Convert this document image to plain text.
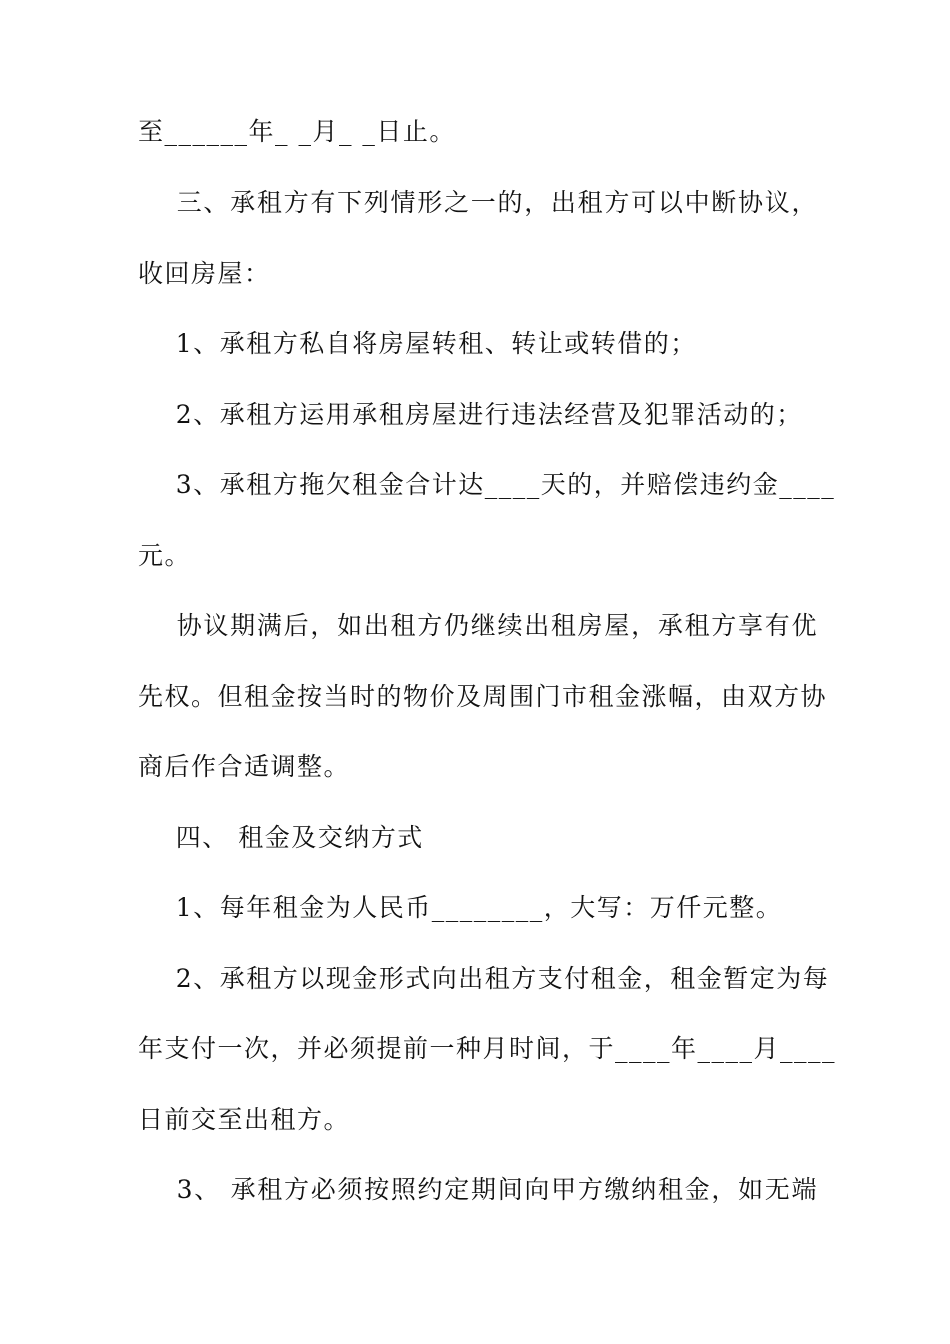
至______年_ _月_ _日止。
三、承租方有下列情形之一的，出租方可以中断协议，
收回房屋：
1、承租方私自将房屋转租、转让或转借的；
2、承租方运用承租房屋进行违法经营及犯罪活动的；
3、承租方拖欠租金合计达____天的，并赔偿违约金____
元。
协议期满后，如出租方仍继续出租房屋，承租方享有优
先权。但租金按当时的物价及周围门市租金涨幅，由双方协
商后作合适调整。
四、 租金及交纳方式
1、每年租金为人民币________，大写：万仟元整。
2、承租方以现金形式向出租方支付租金，租金暂定为每
年支付一次，并必须提前一种月时间，于____年____月____
日前交至出租方。
3、 承租方必须按照约定期间向甲方缴纳租金，如无端
